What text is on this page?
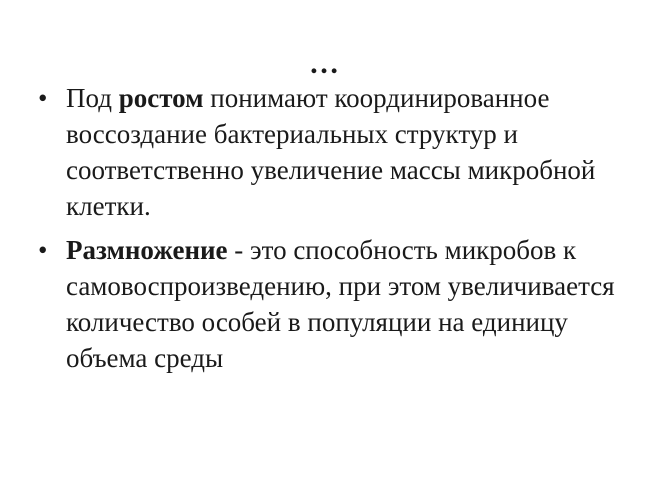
…
• Под ростом понимают координированное воссоздание бактериальных структур и соответственно увеличение массы микробной клетки.
• Размножение - это способность микробов к самовоспроизведению, при этом увеличивается количество особей в популяции на единицу объема среды
